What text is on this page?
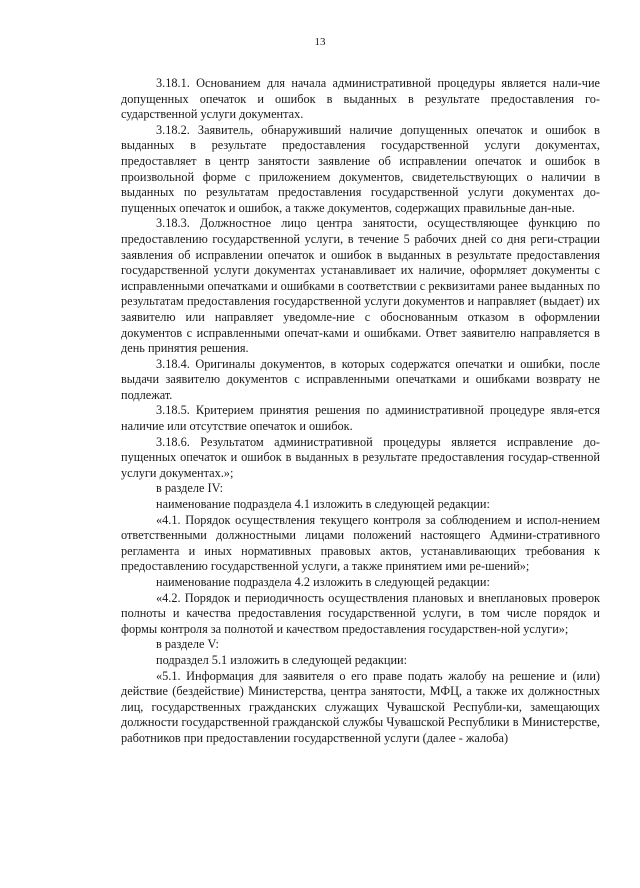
13

3.18.1. Основанием для начала административной процедуры является нали-чие допущенных опечаток и ошибок в выданных в результате предоставления го-сударственной услуги документах.

3.18.2. Заявитель, обнаруживший наличие допущенных опечаток и ошибок в выданных в результате предоставления государственной услуги документах, предоставляет в центр занятости заявление об исправлении опечаток и ошибок в произвольной форме с приложением документов, свидетельствующих о наличии в выданных по результатам предоставления государственной услуги документах до-пущенных опечаток и ошибок, а также документов, содержащих правильные дан-ные.

3.18.3. Должностное лицо центра занятости, осуществляющее функцию по предоставлению государственной услуги, в течение 5 рабочих дней со дня реги-страции заявления об исправлении опечаток и ошибок в выданных в результате предоставления государственной услуги документах устанавливает их наличие, оформляет документы с исправленными опечатками и ошибками в соответствии с реквизитами ранее выданных по результатам предоставления государственной услуги документов и направляет (выдает) их заявителю или направляет уведомле-ние с обоснованным отказом в оформлении документов с исправленными опечат-ками и ошибками. Ответ заявителю направляется в день принятия решения.

3.18.4. Оригиналы документов, в которых содержатся опечатки и ошибки, после выдачи заявителю документов с исправленными опечатками и ошибками возврату не подлежат.

3.18.5. Критерием принятия решения по административной процедуре явля-ется наличие или отсутствие опечаток и ошибок.

3.18.6. Результатом административной процедуры является исправление до-пущенных опечаток и ошибок в выданных в результате предоставления государ-ственной услуги документах.»;

в разделе IV:

наименование подраздела 4.1 изложить в следующей редакции:

«4.1. Порядок осуществления текущего контроля за соблюдением и испол-нением ответственными должностными лицами положений настоящего Админи-стративного регламента и иных нормативных правовых актов, устанавливающих требования к предоставлению государственной услуги, а также принятием ими ре-шений»;

наименование подраздела 4.2 изложить в следующей редакции:

«4.2. Порядок и периодичность осуществления плановых и внеплановых проверок полноты и качества предоставления государственной услуги, в том числе порядок и формы контроля за полнотой и качеством предоставления государствен-ной услуги»;

в разделе V:

подраздел 5.1 изложить в следующей редакции:

«5.1. Информация для заявителя о его праве подать жалобу на решение и (или) действие (бездействие) Министерства, центра занятости, МФЦ, а также их должностных лиц, государственных гражданских служащих Чувашской Республи-ки, замещающих должности государственной гражданской службы Чувашской Республики в Министерстве, работников при предоставлении государственной услуги (далее - жалоба)
